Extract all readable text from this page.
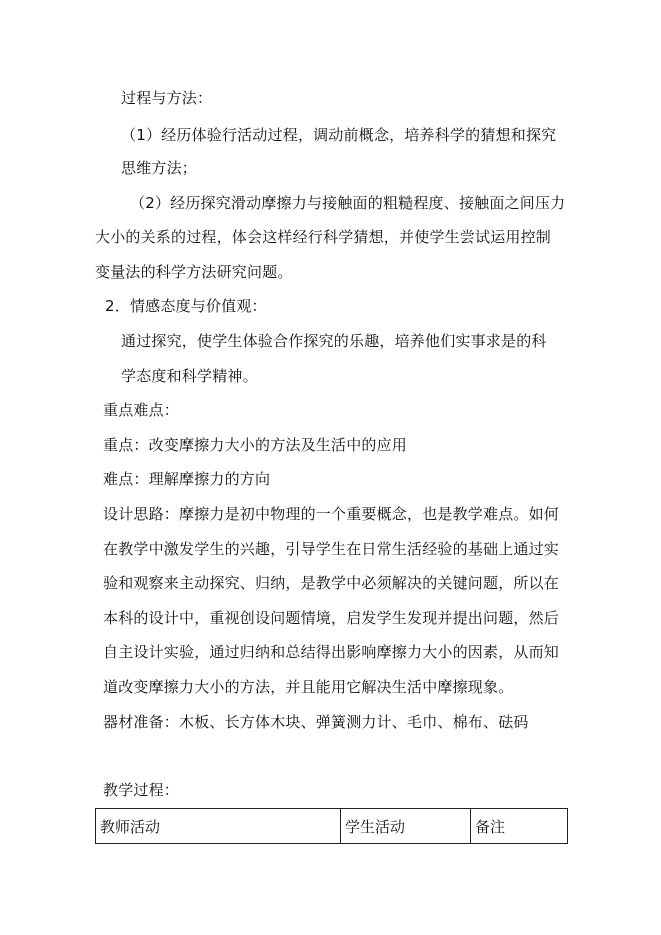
过程与方法：
（1）经历体验行活动过程，调动前概念，培养科学的猜想和探究
思维方法；
（2）经历探究滑动摩擦力与接触面的粗糙程度、接触面之间压力
大小的关系的过程，体会这样经行科学猜想，并使学生尝试运用控制
变量法的科学方法研究问题。
2．情感态度与价值观：
通过探究，使学生体验合作探究的乐趣，培养他们实事求是的科
学态度和科学精神。
重点难点：
重点：改变摩擦力大小的方法及生活中的应用
难点：理解摩擦力的方向
设计思路：摩擦力是初中物理的一个重要概念，也是教学难点。如何
在教学中激发学生的兴趣，引导学生在日常生活经验的基础上通过实
验和观察来主动探究、归纳，是教学中必须解决的关键问题，所以在
本科的设计中，重视创设问题情境，启发学生发现并提出问题，然后
自主设计实验，通过归纳和总结得出影响摩擦力大小的因素，从而知
道改变摩擦力大小的方法，并且能用它解决生活中摩擦现象。
器材准备：木板、长方体木块、弹簧测力计、毛巾、棉布、砝码
教学过程：
教师活动	学生活动	备注
